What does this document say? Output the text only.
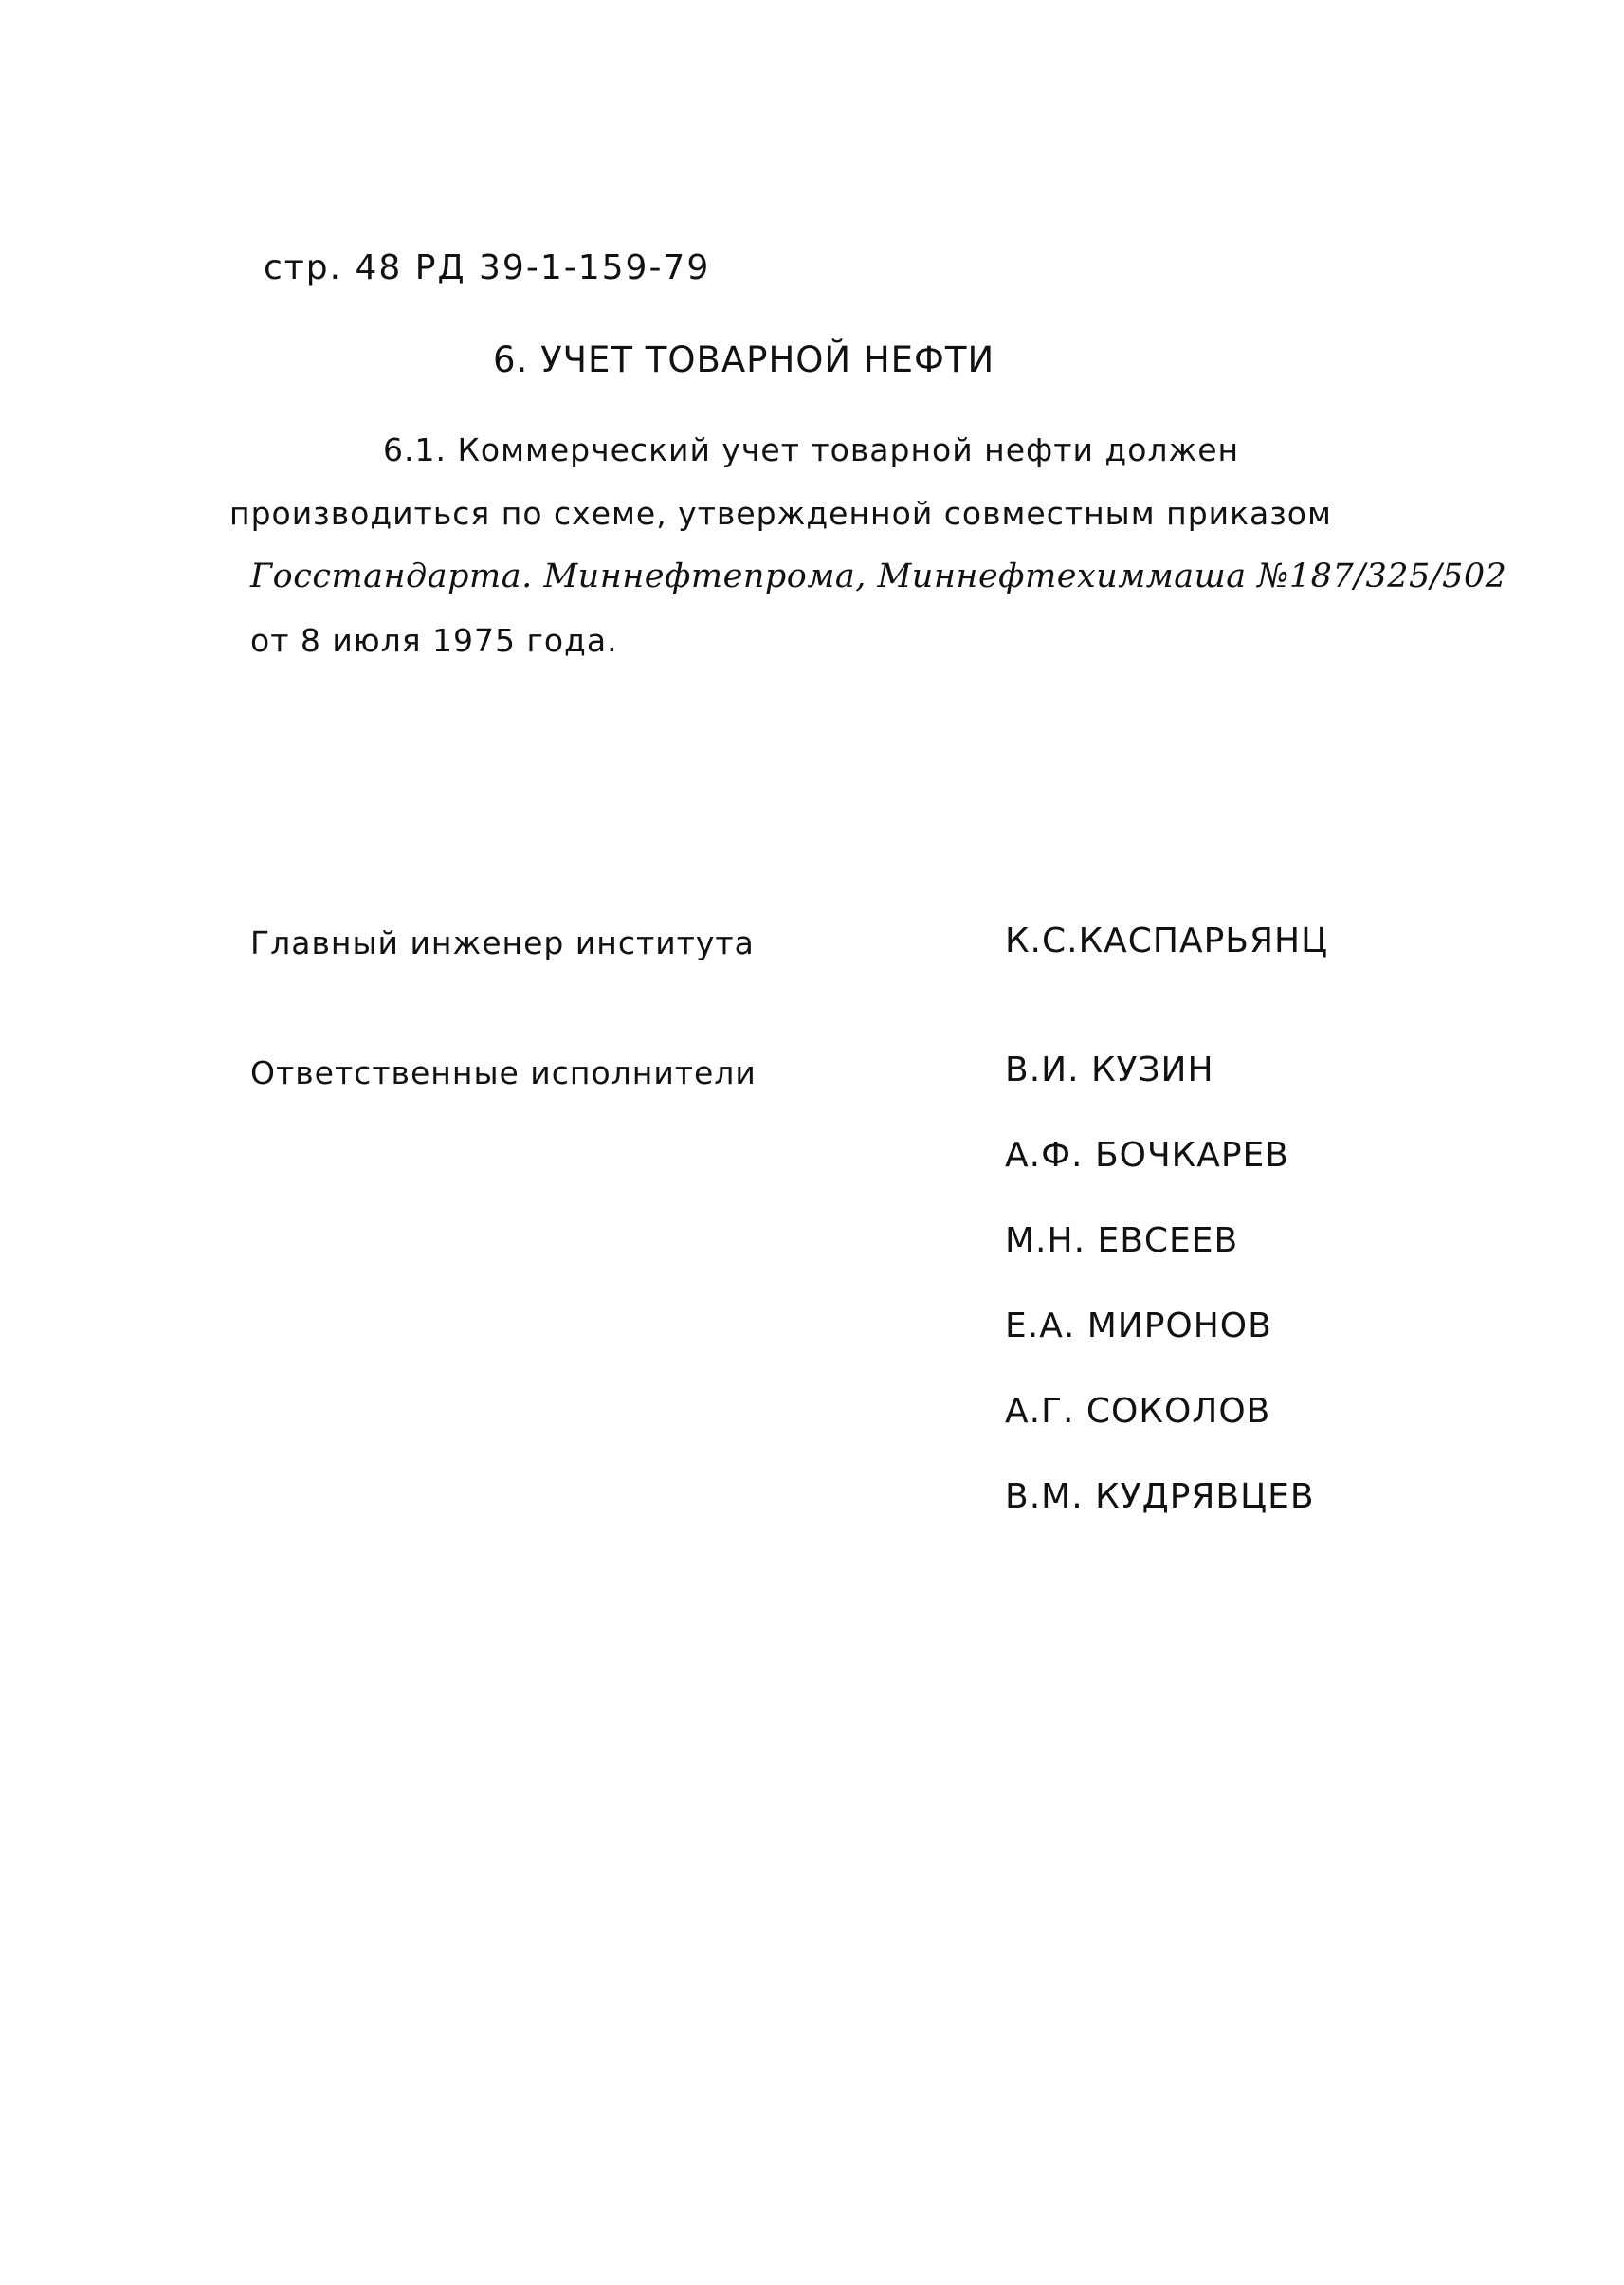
стр. 48 РД 39-1-159-79
6. УЧЕТ ТОВАРНОЙ НЕФТИ
6.1. Коммерческий учет товарной нефти должен
производиться по схеме, утвержденной совместным приказом
Госстандарта. Миннефтепрома, Миннефтехиммаша №187/325/502
от 8 июля 1975 года.
Главный инженер института	К.С.КАСПАРЬЯНЦ
Ответственные исполнители	В.И. КУЗИН
А.Ф. БОЧКАРЕВ
М.Н. ЕВСЕЕВ
Е.А. МИРОНОВ
А.Г. СОКОЛОВ
В.М. КУДРЯВЦЕВ
